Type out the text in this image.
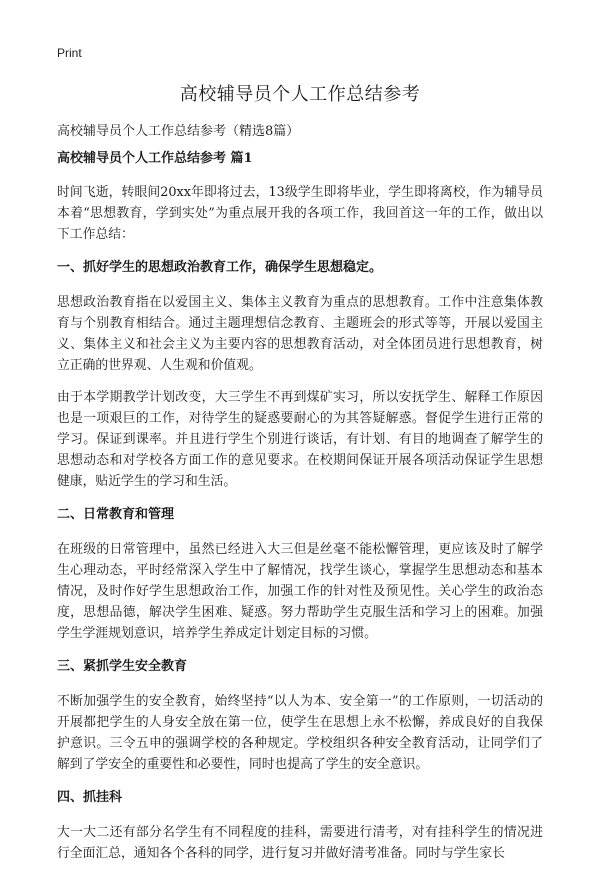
Print
高校辅导员个人工作总结参考

高校辅导员个人工作总结参考（精选8篇）

高校辅导员个人工作总结参考 篇1

时间飞逝，转眼间20xx年即将过去，13级学生即将毕业，学生即将离校，作为辅导员本着“思想教育，学到实处”为重点展开我的各项工作，我回首这一年的工作，做出以下工作总结：

一、抓好学生的思想政治教育工作，确保学生思想稳定。

思想政治教育指在以爱国主义、集体主义教育为重点的思想教育。工作中注意集体教育与个别教育相结合。通过主题理想信念教育、主题班会的形式等等，开展以爱国主义、集体主义和社会主义为主要内容的思想教育活动，对全体团员进行思想教育，树立正确的世界观、人生观和价值观。

由于本学期教学计划改变，大三学生不再到煤矿实习，所以安抚学生、解释工作原因也是一项艰巨的工作，对待学生的疑惑要耐心的为其答疑解惑。督促学生进行正常的学习。保证到课率。并且进行学生个别进行谈话，有计划、有目的地调查了解学生的思想动态和对学校各方面工作的意见要求。在校期间保证开展各项活动保证学生思想健康，贴近学生的学习和生活。

二、日常教育和管理

在班级的日常管理中，虽然已经进入大三但是丝毫不能松懈管理，更应该及时了解学生心理动态，平时经常深入学生中了解情况，找学生谈心，掌握学生思想动态和基本情况，及时作好学生思想政治工作，加强工作的针对性及预见性。关心学生的政治态度，思想品德，解决学生困难、疑惑。努力帮助学生克服生活和学习上的困难。加强学生学涯规划意识，培养学生养成定计划定目标的习惯。

三、紧抓学生安全教育

不断加强学生的安全教育，始终坚持“以人为本、安全第一”的工作原则，一切活动的开展都把学生的人身安全放在第一位，使学生在思想上永不松懈，养成良好的自我保护意识。三令五申的强调学校的各种规定。学校组织各种安全教育活动，让同学们了解到了学安全的重要性和必要性，同时也提高了学生的安全意识。

四、抓挂科

大一大二还有部分名学生有不同程度的挂科，需要进行清考，对有挂科学生的情况进行全面汇总，通知各个各科的同学，进行复习并做好清考准备。同时与学生家长
